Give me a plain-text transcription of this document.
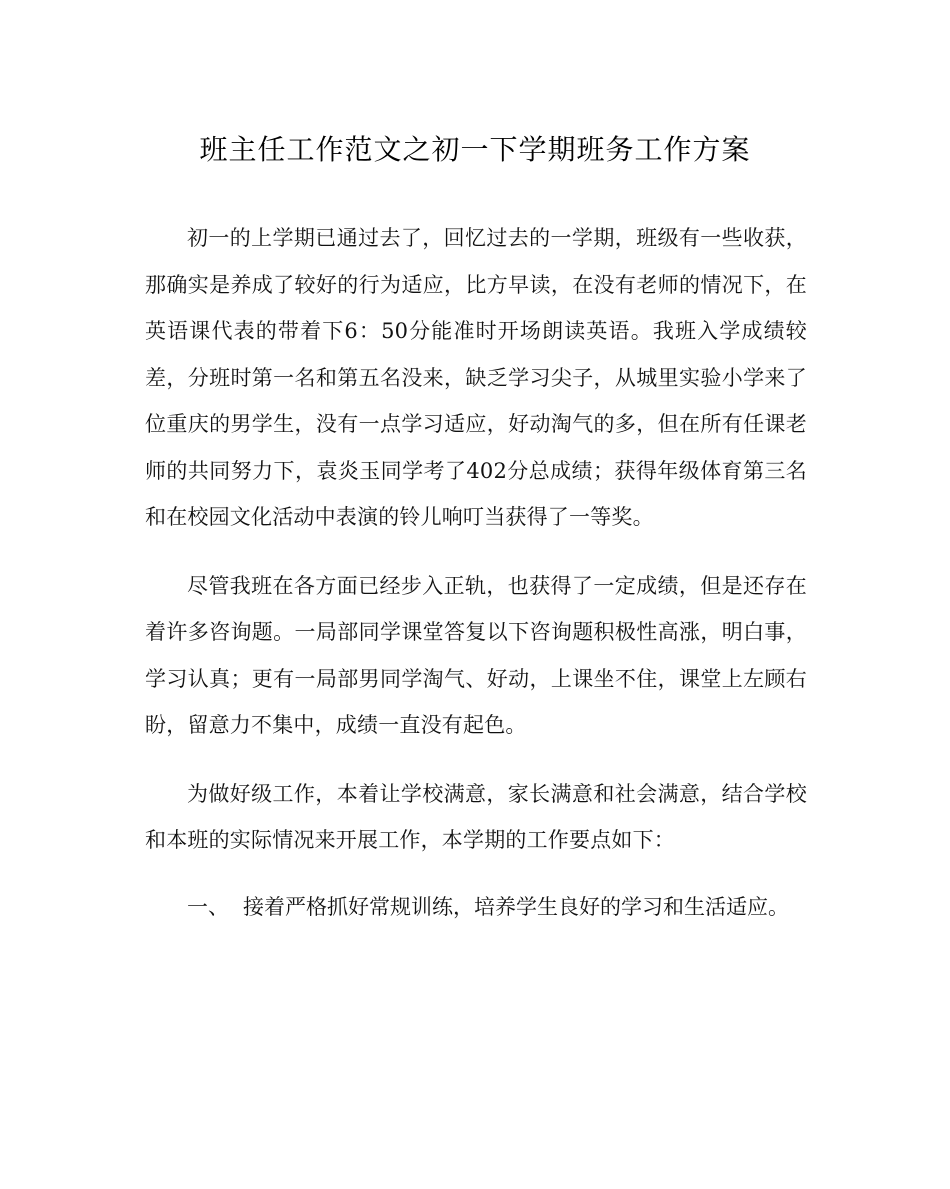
班主任工作范文之初一下学期班务工作方案

初一的上学期已通过去了，回忆过去的一学期，班级有一些收获，那确实是养成了较好的行为适应，比方早读，在没有老师的情况下，在英语课代表的带着下6：50分能准时开场朗读英语。我班入学成绩较差，分班时第一名和第五名没来，缺乏学习尖子，从城里实验小学来了位重庆的男学生，没有一点学习适应，好动淘气的多，但在所有任课老师的共同努力下，袁炎玉同学考了402分总成绩；获得年级体育第三名和在校园文化活动中表演的铃儿响叮当获得了一等奖。

尽管我班在各方面已经步入正轨，也获得了一定成绩，但是还存在着许多咨询题。一局部同学课堂答复以下咨询题积极性高涨，明白事，学习认真；更有一局部男同学淘气、好动，上课坐不住，课堂上左顾右盼，留意力不集中，成绩一直没有起色。

为做好级工作，本着让学校满意，家长满意和社会满意，结合学校和本班的实际情况来开展工作，本学期的工作要点如下：

一、 接着严格抓好常规训练，培养学生良好的学习和生活适应。
